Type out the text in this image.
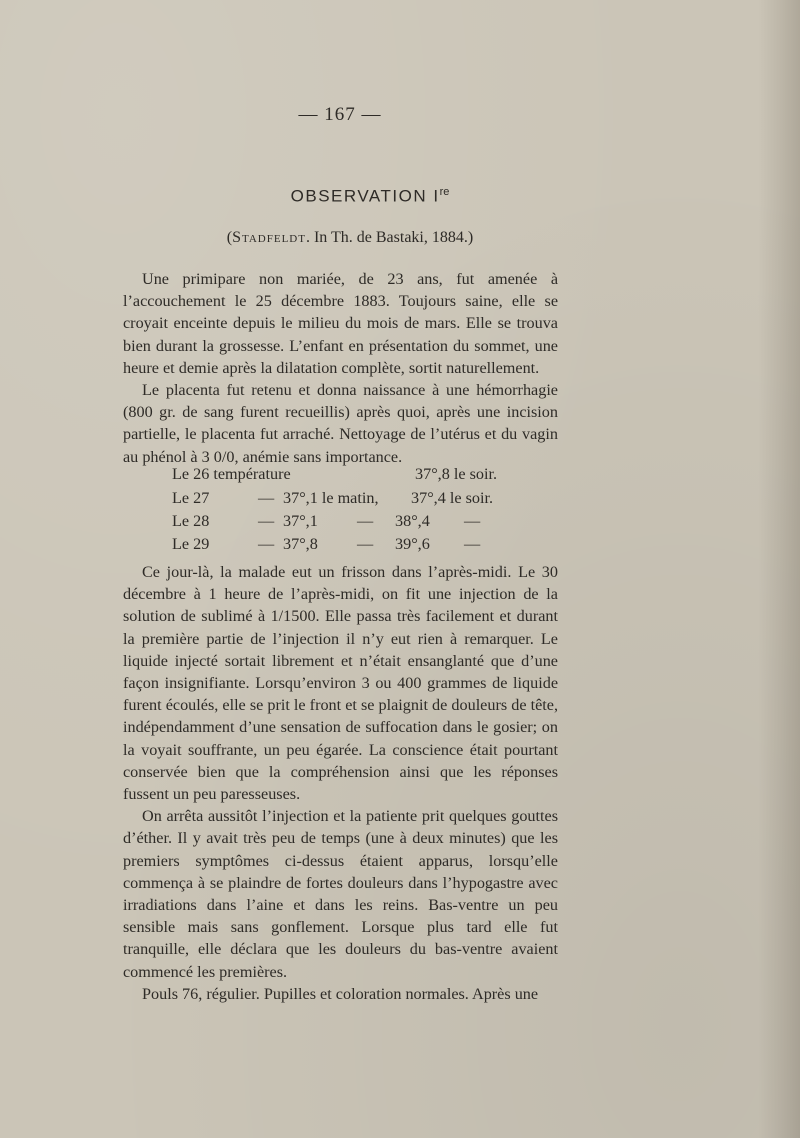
— 167 —
OBSERVATION Ire
(Stadfeldt. In Th. de Bastaki, 1884.)

Une primipare non mariée, de 23 ans, fut amenée à l’accouchement le 25 décembre 1883. Toujours saine, elle se croyait enceinte depuis le milieu du mois de mars. Elle se trouva bien durant la grossesse. L’enfant en présentation du sommet, une heure et demie après la dilatation complète, sortit naturellement.

Le placenta fut retenu et donna naissance à une hémorrhagie (800 gr. de sang furent recueillis) après quoi, après une incision partielle, le placenta fut arraché. Nettoyage de l’utérus et du vagin au phénol à 3 0/0, anémie sans importance.

Le 26 température	37°,8 le soir.
Le 27	— 37°,1 le matin, 37°,4 le soir.
Le 28	— 37°,1 — 38°,4 —
Le 29	— 37°,8 — 39°,6 —

Ce jour-là, la malade eut un frisson dans l’après-midi. Le 30 décembre à 1 heure de l’après-midi, on fit une injection de la solution de sublimé à 1/1500. Elle passa très facilement et durant la première partie de l’injection il n’y eut rien à remarquer. Le liquide injecté sortait librement et n’était ensanglanté que d’une façon insignifiante. Lorsqu’environ 3 ou 400 grammes de liquide furent écoulés, elle se prit le front et se plaignit de douleurs de tête, indépendamment d’une sensation de suffocation dans le gosier; on la voyait souffrante, un peu égarée. La conscience était pourtant conservée bien que la compréhension ainsi que les réponses fussent un peu paresseuses.

On arrêta aussitôt l’injection et la patiente prit quelques gouttes d’éther. Il y avait très peu de temps (une à deux minutes) que les premiers symptômes ci-dessus étaient apparus, lorsqu’elle commença à se plaindre de fortes douleurs dans l’hypogastre avec irradiations dans l’aine et dans les reins. Bas-ventre un peu sensible mais sans gonflement. Lorsque plus tard elle fut tranquille, elle déclara que les douleurs du bas-ventre avaient commencé les premières.

Pouls 76, régulier. Pupilles et coloration normales. Après une
